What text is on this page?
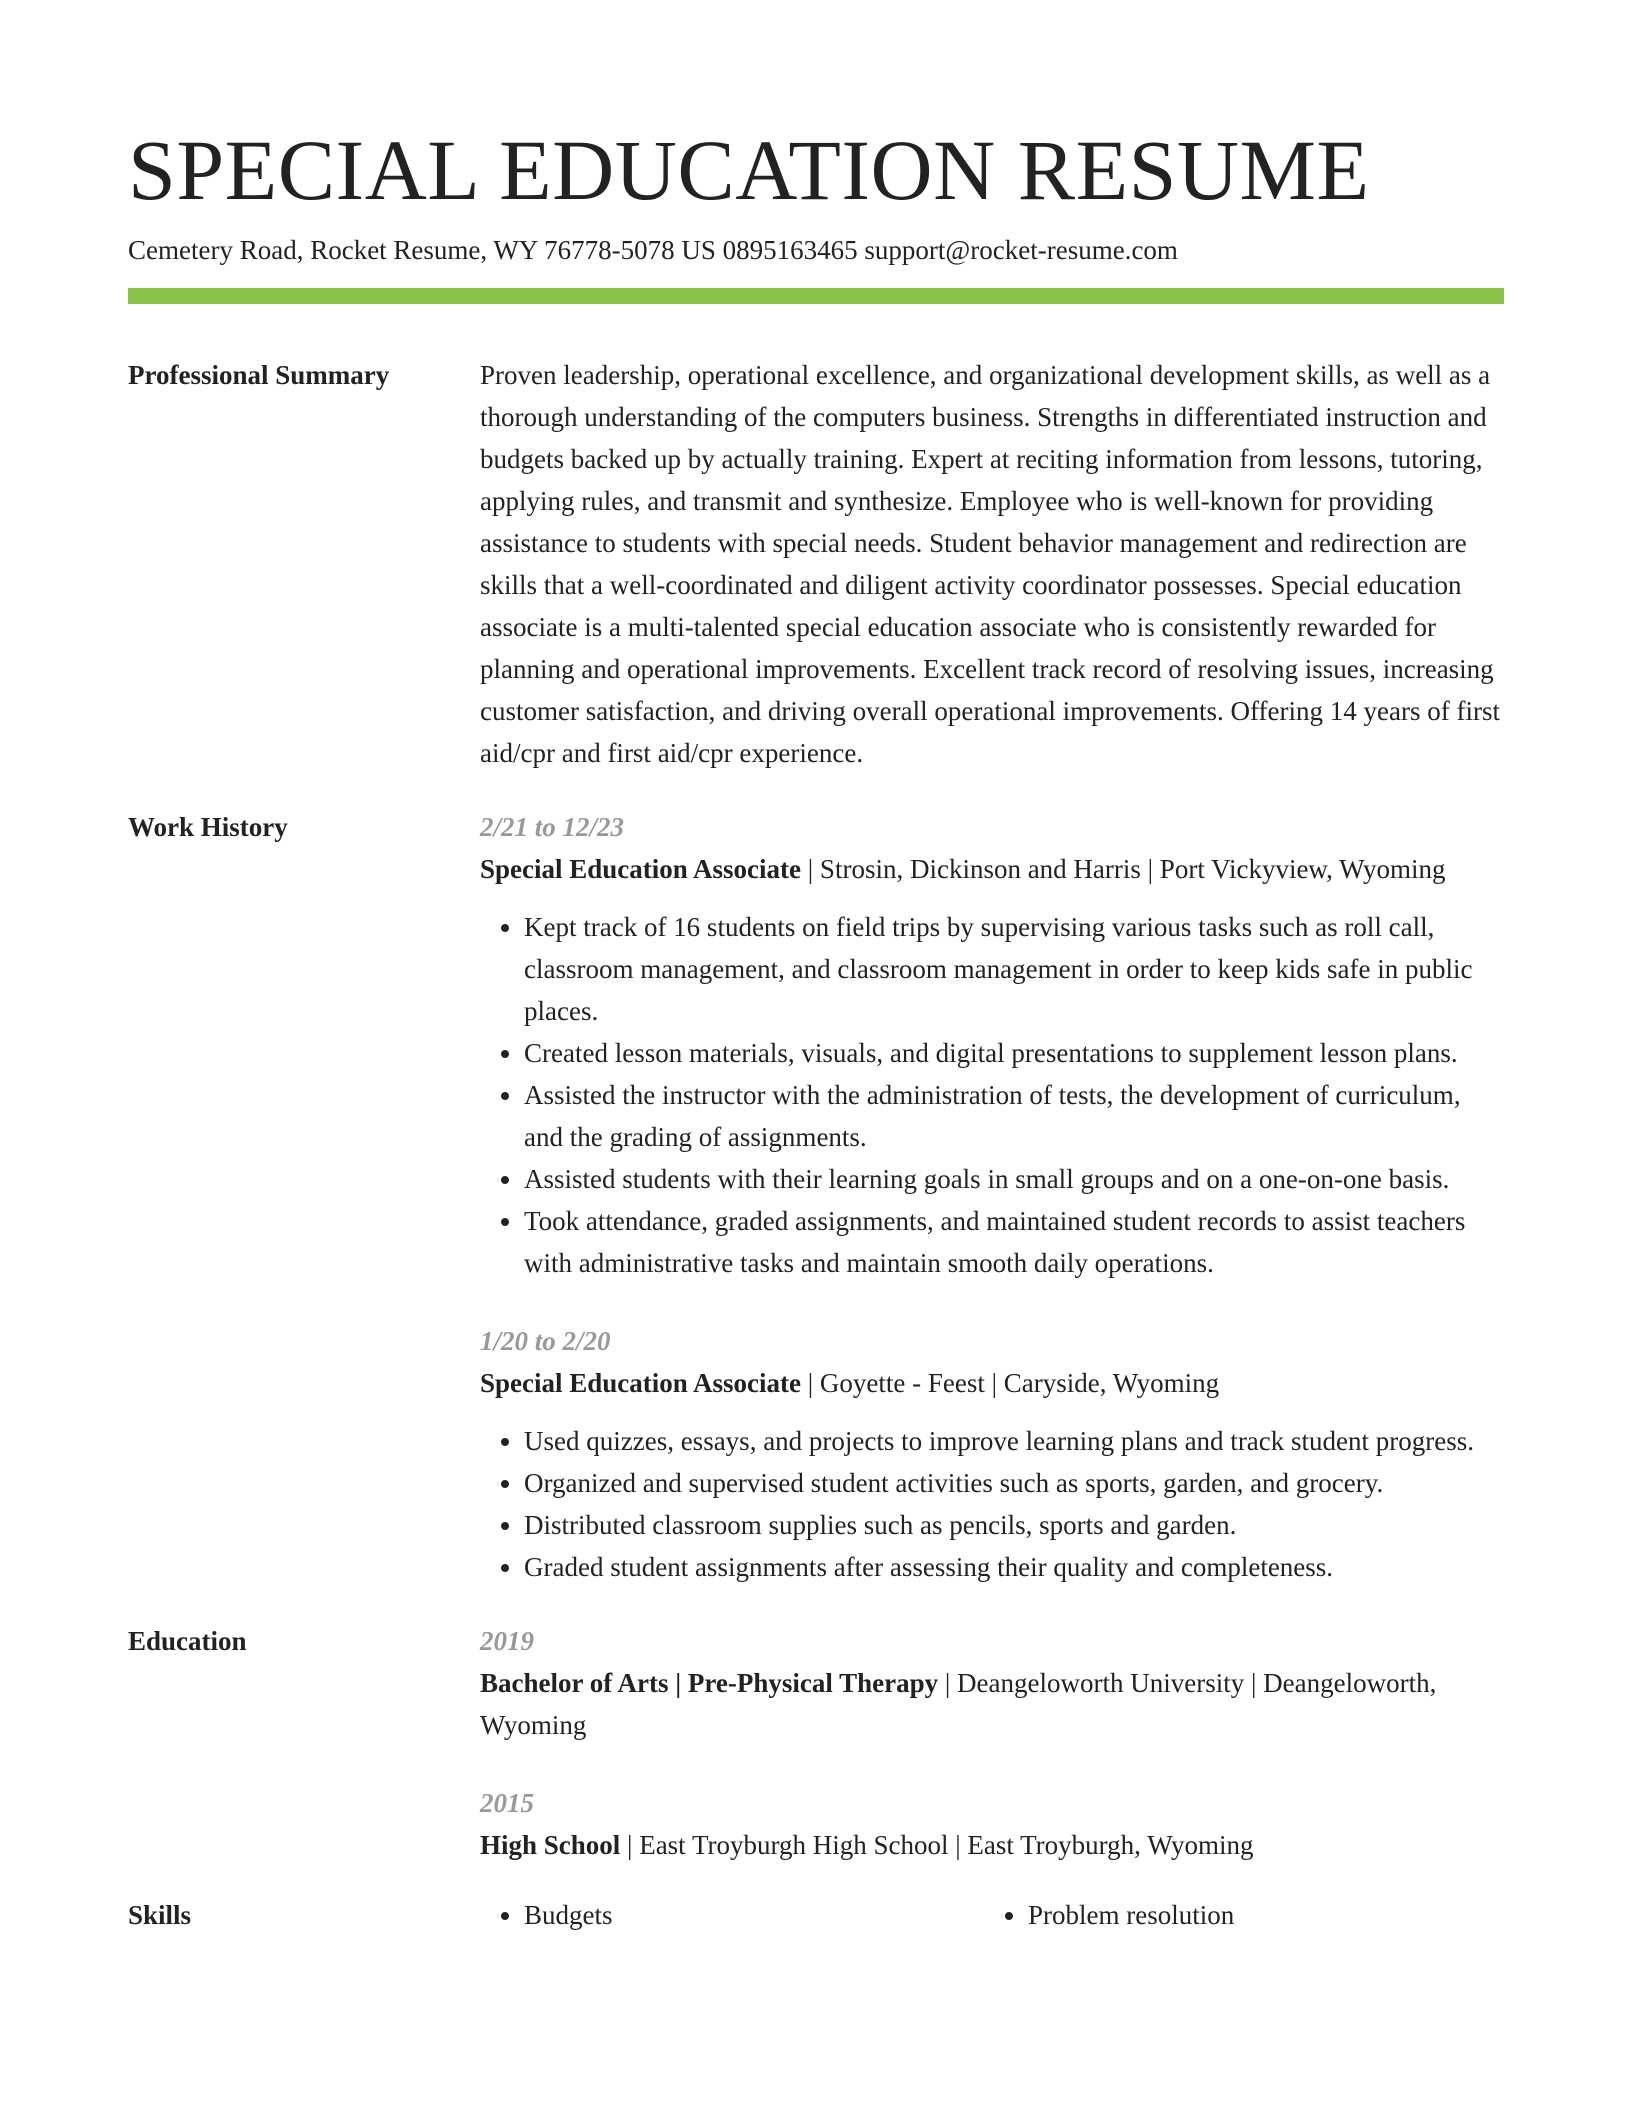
SPECIAL EDUCATION RESUME
Cemetery Road, Rocket Resume, WY 76778-5078 US 0895163465 support@rocket-resume.com
Professional Summary	Proven leadership, operational excellence, and organizational development skills, as well as a thorough understanding of the computers business. Strengths in differentiated instruction and budgets backed up by actually training. Expert at reciting information from lessons, tutoring, applying rules, and transmit and synthesize. Employee who is well-known for providing assistance to students with special needs. Student behavior management and redirection are skills that a well-coordinated and diligent activity coordinator possesses. Special education associate is a multi-talented special education associate who is consistently rewarded for planning and operational improvements. Excellent track record of resolving issues, increasing customer satisfaction, and driving overall operational improvements. Offering 14 years of first aid/cpr and first aid/cpr experience.
Work History	2/21 to 12/23
Special Education Associate | Strosin, Dickinson and Harris | Port Vickyview, Wyoming
• Kept track of 16 students on field trips by supervising various tasks such as roll call, classroom management, and classroom management in order to keep kids safe in public places.
• Created lesson materials, visuals, and digital presentations to supplement lesson plans.
• Assisted the instructor with the administration of tests, the development of curriculum, and the grading of assignments.
• Assisted students with their learning goals in small groups and on a one-on-one basis.
• Took attendance, graded assignments, and maintained student records to assist teachers with administrative tasks and maintain smooth daily operations.
1/20 to 2/20
Special Education Associate | Goyette - Feest | Caryside, Wyoming
• Used quizzes, essays, and projects to improve learning plans and track student progress.
• Organized and supervised student activities such as sports, garden, and grocery.
• Distributed classroom supplies such as pencils, sports and garden.
• Graded student assignments after assessing their quality and completeness.
Education	2019
Bachelor of Arts | Pre-Physical Therapy | Deangeloworth University | Deangeloworth, Wyoming
2015
High School | East Troyburgh High School | East Troyburgh, Wyoming
Skills	• Budgets	• Problem resolution
